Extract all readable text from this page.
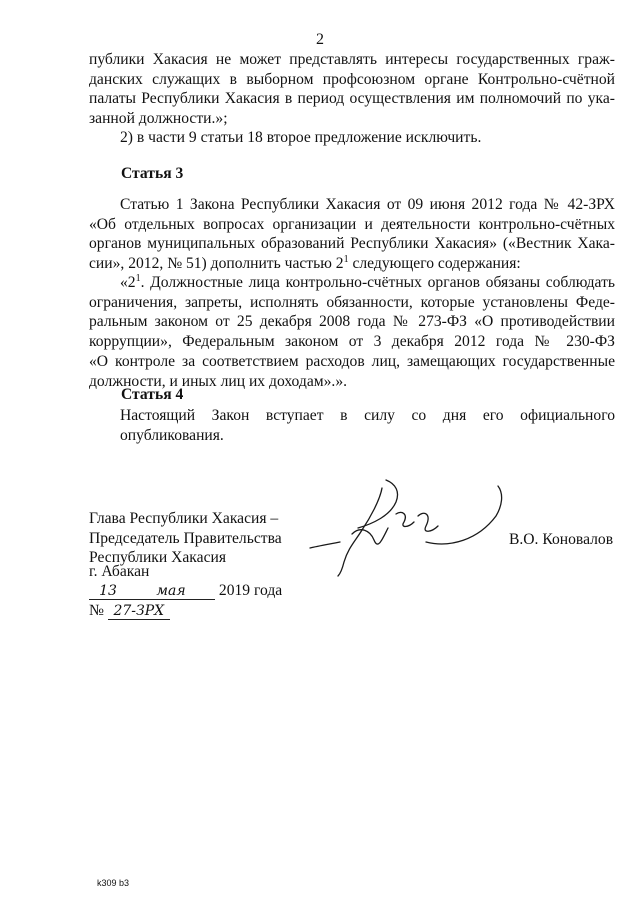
2
публики Хакасия не может представлять интересы государственных граж-
данских служащих в выборном профсоюзном органе Контрольно-счётной
палаты Республики Хакасия в период осуществления им полномочий по ука-
занной должности.»;
2) в части 9 статьи 18 второе предложение исключить.
Статья 3
Статью 1 Закона Республики Хакасия от 09 июня 2012 года № 42-ЗРХ
«Об отдельных вопросах организации и деятельности контрольно-счётных
органов муниципальных образований Республики Хакасия» («Вестник Хака-
сии», 2012, № 51) дополнить частью $2^1$ следующего содержания:
«$2^1$. Должностные лица контрольно-счётных органов обязаны соблюдать
ограничения, запреты, исполнять обязанности, которые установлены Феде-
ральным законом от 25 декабря 2008 года № 273-ФЗ «О противодействии
коррупции», Федеральным законом от 3 декабря 2012 года № 230-ФЗ
«О контроле за соответствием расходов лиц, замещающих государственные
должности, и иных лиц их доходам».».
Статья 4
Настоящий Закон вступает в силу со дня его официального опубликования.
Глава Республики Хакасия –
Председатель Правительства
Республики Хакасия
В.О. Коновалов
г. Абакан
13	мая 2019 года
№ 27-ЗРХ
k309 b3
